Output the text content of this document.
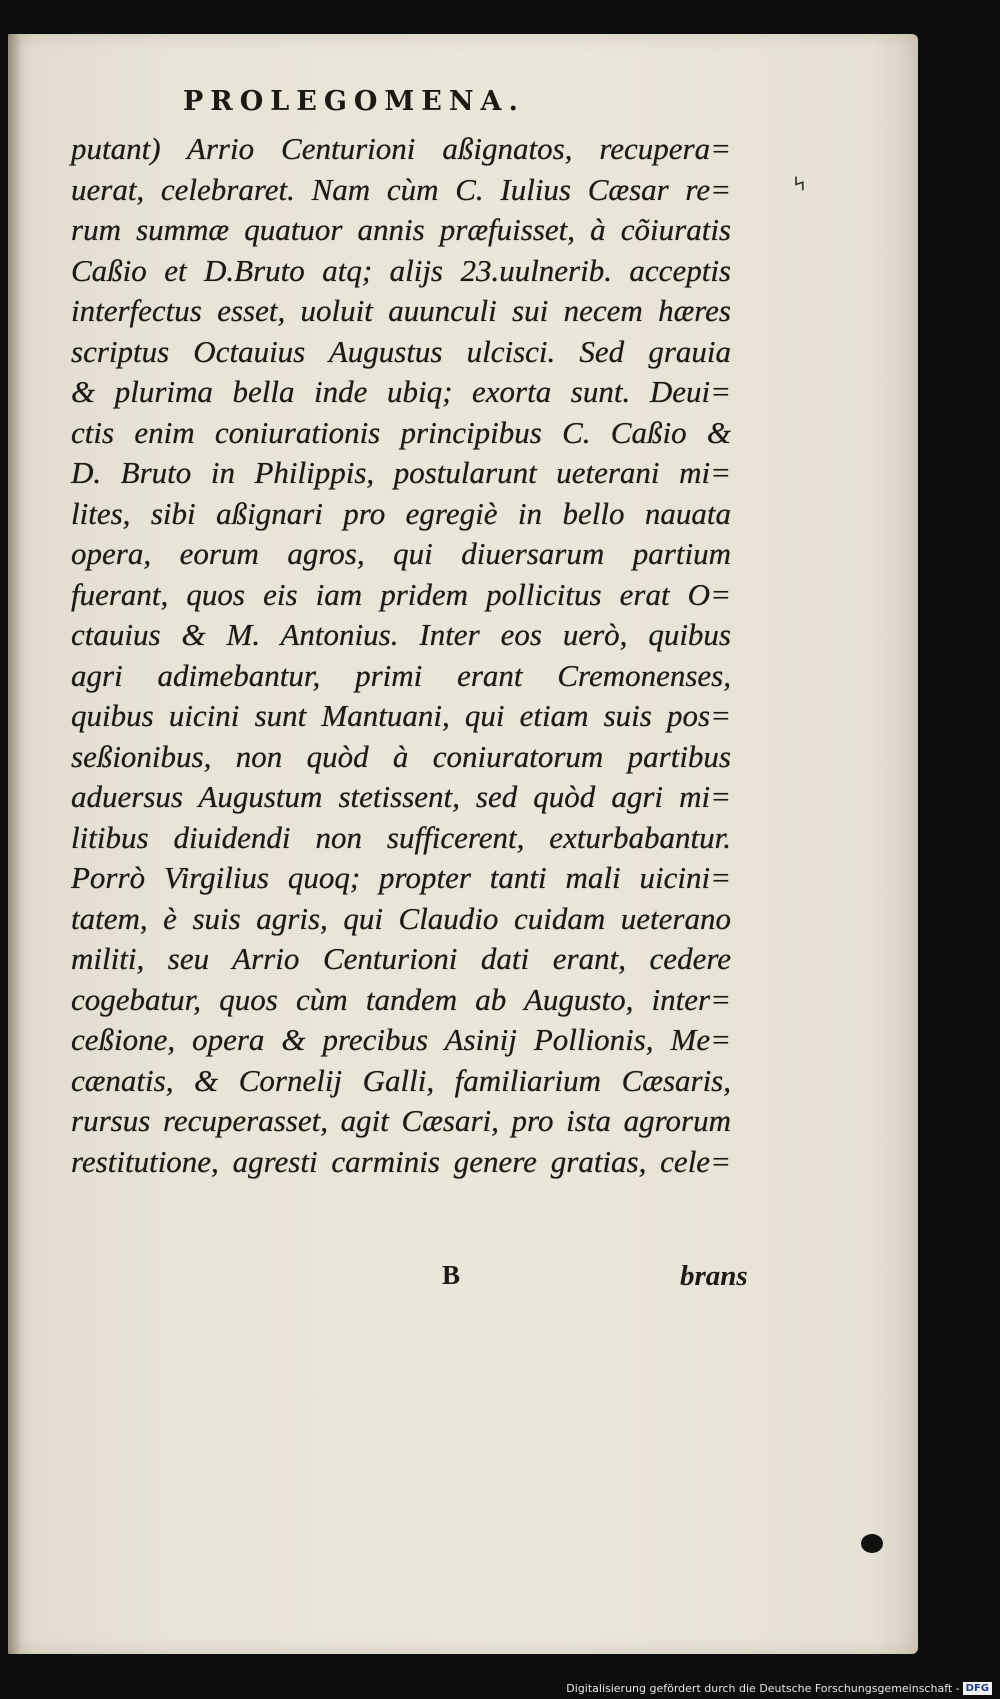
PROLEGOMENA.
putant) Arrio Centurioni aßignatos, recupera=
uerat, celebraret. Nam cùm C. Iulius Cæsar re=
rum summæ quatuor annis præfuisset, à cõiuratis
Caßio et D.Bruto atq; alijs 23.uulnerib. acceptis
interfectus esset, uoluit auunculi sui necem hæres
scriptus Octauius Augustus ulcisci. Sed grauia
& plurima bella inde ubiq; exorta sunt. Deui=
ctis enim coniurationis principibus C. Caßio &
D. Bruto in Philippis, postularunt ueterani mi=
lites, sibi aßignari pro egregiè in bello nauata
opera, eorum agros, qui diuersarum partium
fuerant, quos eis iam pridem pollicitus erat O=
ctauius & M. Antonius. Inter eos uerò, quibus
agri adimebantur, primi erant Cremonenses,
quibus uicini sunt Mantuani, qui etiam suis pos=
seßionibus, non quòd à coniuratorum partibus
aduersus Augustum stetissent, sed quòd agri mi=
litibus diuidendi non sufficerent, exturbabantur.
Porrò Virgilius quoq; propter tanti mali uicini=
tatem, è suis agris, qui Claudio cuidam ueterano
militi, seu Arrio Centurioni dati erant, cedere
cogebatur, quos cùm tandem ab Augusto, inter=
ceßione, opera & precibus Asinij Pollionis, Me=
cænatis, & Cornelij Galli, familiarium Cæsaris,
rursus recuperasset, agit Cæsari, pro ista agrorum
restitutione, agresti carminis genere gratias, cele=
ϟ

B	brans

Digitalisierung gefördert durch die Deutsche Forschungsgemeinschaft - DFG
